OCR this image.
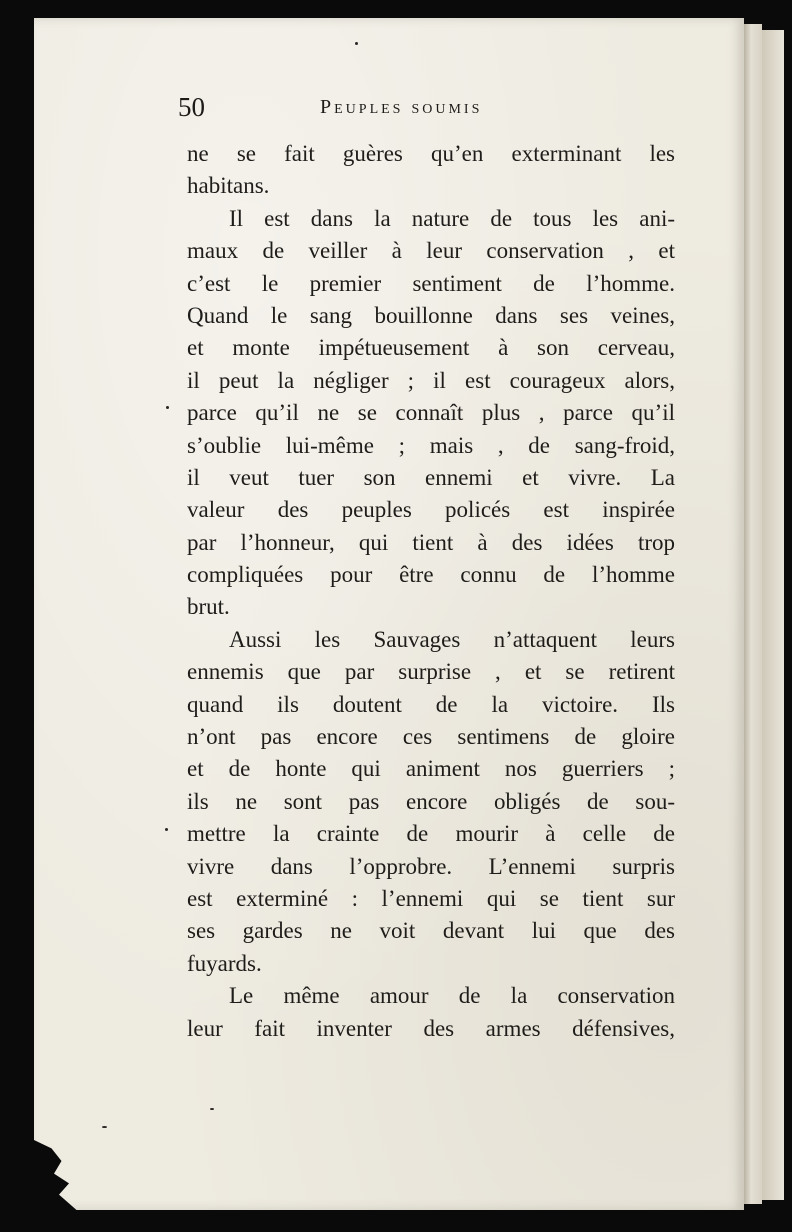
50	Peuples soumis
ne se fait guères qu’en exterminant les
habitans.
Il est dans la nature de tous les ani-
maux de veiller à leur conservation , et
c’est le premier sentiment de l’homme.
Quand le sang bouillonne dans ses veines,
et monte impétueusement à son cerveau,
il peut la négliger ; il est courageux alors,
parce qu’il ne se connaît plus , parce qu’il
s’oublie lui-même ; mais , de sang-froid,
il veut tuer son ennemi et vivre. La
valeur des peuples policés est inspirée
par l’honneur, qui tient à des idées trop
compliquées pour être connu de l’homme
brut.
Aussi les Sauvages n’attaquent leurs
ennemis que par surprise , et se retirent
quand ils doutent de la victoire. Ils
n’ont pas encore ces sentimens de gloire
et de honte qui animent nos guerriers ;
ils ne sont pas encore obligés de sou-
mettre la crainte de mourir à celle de
vivre dans l’opprobre. L’ennemi surpris
est exterminé : l’ennemi qui se tient sur
ses gardes ne voit devant lui que des
fuyards.
Le même amour de la conservation
leur fait inventer des armes défensives,
